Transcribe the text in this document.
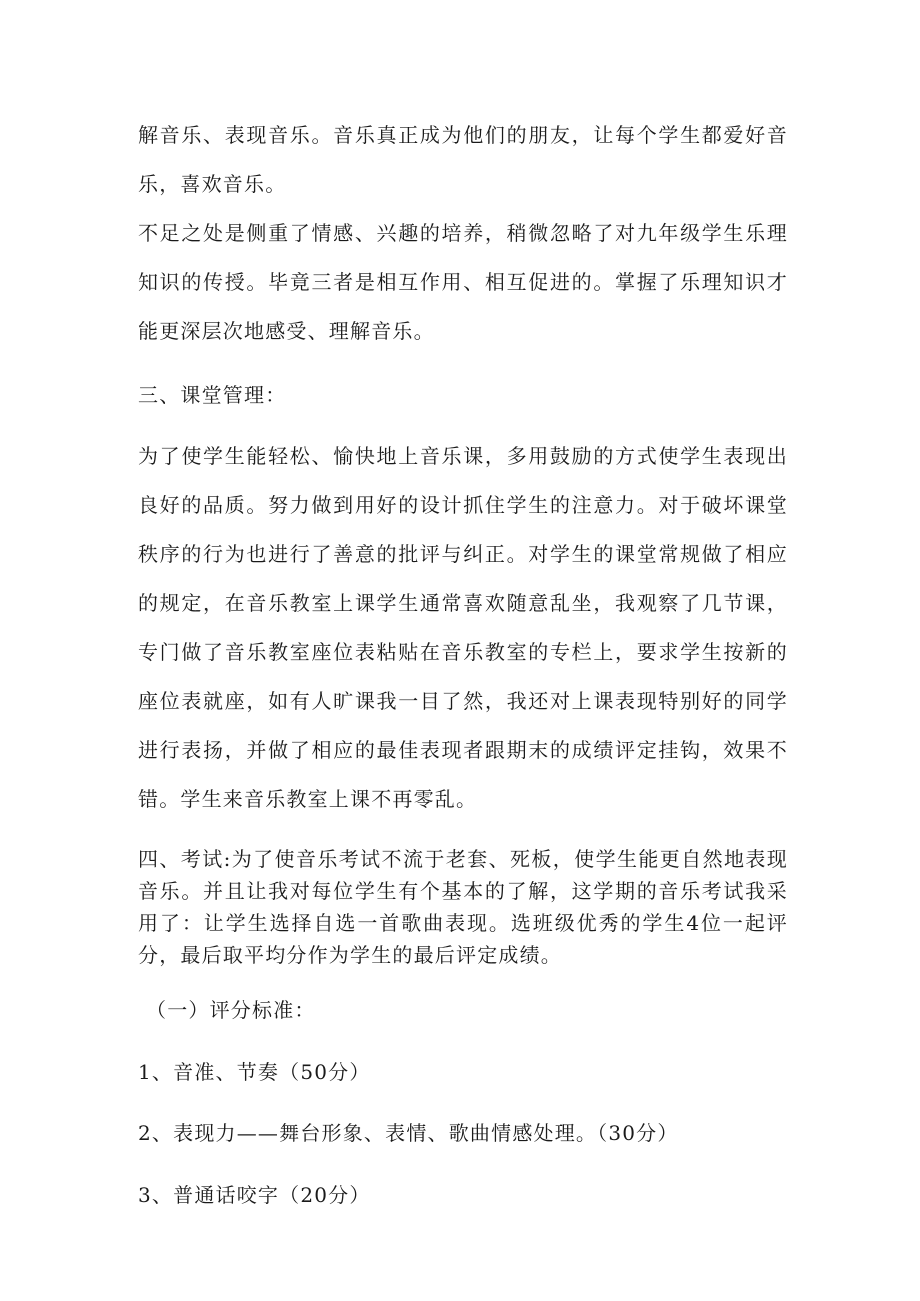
解音乐、表现音乐。音乐真正成为他们的朋友，让每个学生都爱好音乐，喜欢音乐。

不足之处是侧重了情感、兴趣的培养，稍微忽略了对九年级学生乐理知识的传授。毕竟三者是相互作用、相互促进的。掌握了乐理知识才能更深层次地感受、理解音乐。

三、课堂管理：

为了使学生能轻松、愉快地上音乐课，多用鼓励的方式使学生表现出良好的品质。努力做到用好的设计抓住学生的注意力。对于破坏课堂秩序的行为也进行了善意的批评与纠正。对学生的课堂常规做了相应的规定，在音乐教室上课学生通常喜欢随意乱坐，我观察了几节课，专门做了音乐教室座位表粘贴在音乐教室的专栏上，要求学生按新的座位表就座，如有人旷课我一目了然，我还对上课表现特别好的同学进行表扬，并做了相应的最佳表现者跟期末的成绩评定挂钩，效果不错。学生来音乐教室上课不再零乱。

四、考试:为了使音乐考试不流于老套、死板，使学生能更自然地表现音乐。并且让我对每位学生有个基本的了解，这学期的音乐考试我采用了：让学生选择自选一首歌曲表现。选班级优秀的学生4位一起评分，最后取平均分作为学生的最后评定成绩。

（一）评分标准：

1、音准、节奏（50分）

2、表现力——舞台形象、表情、歌曲情感处理。（30分）

3、普通话咬字（20分）
